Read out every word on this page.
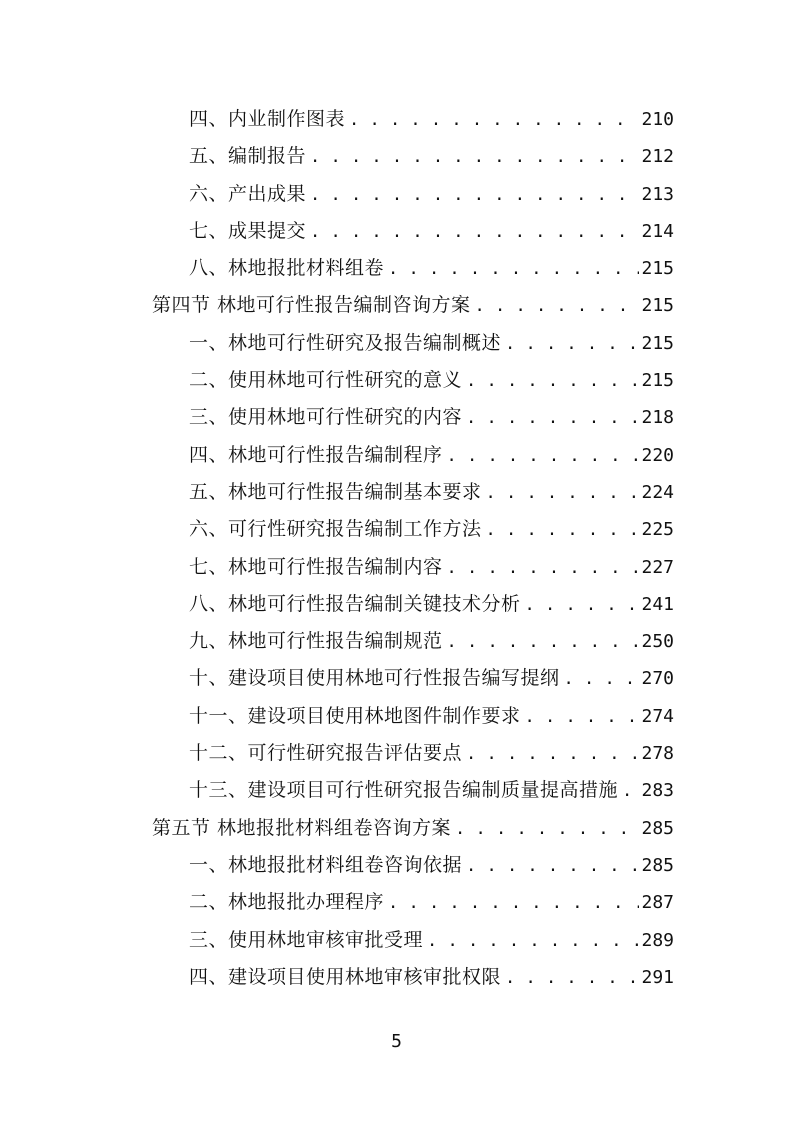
四、内业制作图表 . . .	210
五、编制报告 . . .	212
六、产出成果 . . .	213
七、成果提交 . . .	214
八、林地报批材料组卷 . . .	215
第四节 林地可行性报告编制咨询方案 . . .	215
一、林地可行性研究及报告编制概述 . . .	215
二、使用林地可行性研究的意义 . . .	215
三、使用林地可行性研究的内容 . . .	218
四、林地可行性报告编制程序 . . .	220
五、林地可行性报告编制基本要求 . . .	224
六、可行性研究报告编制工作方法 . . .	225
七、林地可行性报告编制内容 . . .	227
八、林地可行性报告编制关键技术分析 . . .	241
九、林地可行性报告编制规范 . . .	250
十、建设项目使用林地可行性报告编写提纲 . . .	270
十一、建设项目使用林地图件制作要求 . . .	274
十二、可行性研究报告评估要点 . . .	278
十三、建设项目可行性研究报告编制质量提高措施 . . . 283
第五节 林地报批材料组卷咨询方案 . . .	285
一、林地报批材料组卷咨询依据 . . .	285
二、林地报批办理程序 . . .	287
三、使用林地审核审批受理 . . .	289
四、建设项目使用林地审核审批权限 . . .	291
5
